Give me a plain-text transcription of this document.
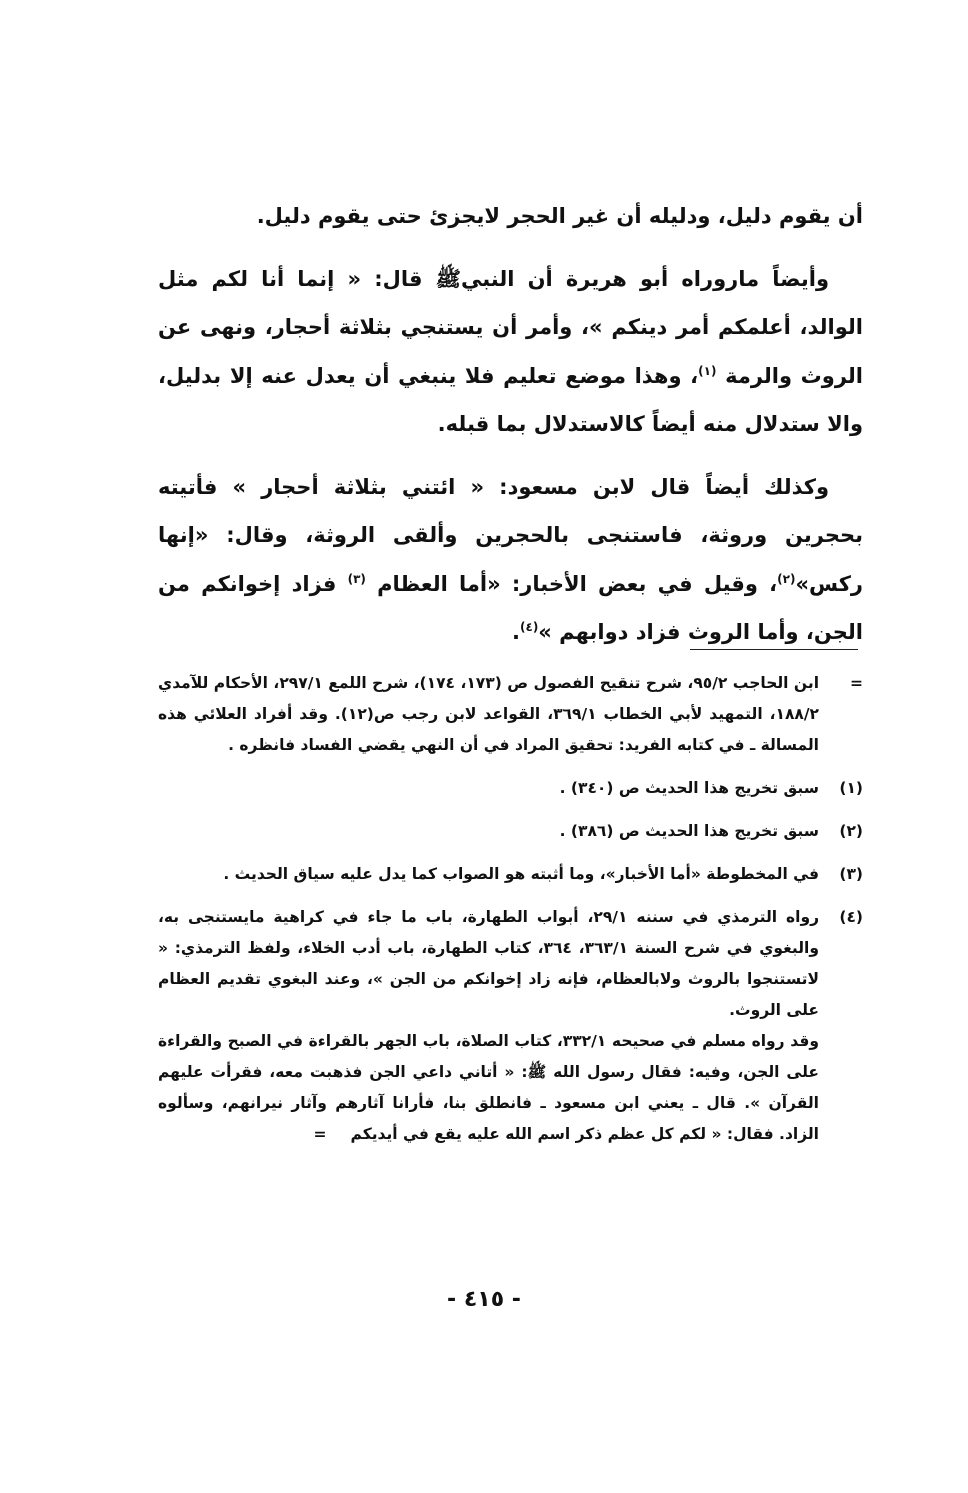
أن يقوم دليل، ودليله أن غير الحجر لايجزئ حتى يقوم دليل.

وأيضاً ماروراه أبو هريرة أن النبيﷺ قال: « إنما أنا لكم مثل الوالد، أعلمكم أمر دينكم »، وأمر أن يستنجي بثلاثة أحجار، ونهى عن الروث والرمة $^{(١)}$، وهذا موضع تعليم فلا ينبغي أن يعدل عنه إلا بدليل، والا ستدلال منه أيضاً كالاستدلال بما قبله.

وكذلك أيضاً قال لابن مسعود: « ائتني بثلاثة أحجار » فأتيته بحجرين وروثة، فاستنجى بالحجرين وألقى الروثة، وقال: «إنها ركس»$^{(٢)}$، وقيل في بعض الأخبار: «أما العظام $^{(٣)}$ فزاد إخوانكم من الجن، وأما الروث فزاد دوابهم »$^{(٤)}$.

=
ابن الحاجب ٩٥/٢، شرح تنقيح الفصول ص (١٧٣، ١٧٤)، شرح اللمع ٢٩٧/١، الأحكام للآمدي ١٨٨/٢، التمهيد لأبي الخطاب ٣٦٩/١، القواعد لابن رجب ص(١٢). وقد أفراد العلائي هذه المسالة ـ في كتابه الفريد: تحقيق المراد في أن النهي يقضي الفساد فانظره .
(١)
سبق تخريج هذا الحديث ص (٣٤٠) .
(٢)
سبق تخريج هذا الحديث ص (٣٨٦) .
(٣)
في المخطوطة «أما الأخبار»، وما أثبته هو الصواب كما يدل عليه سياق الحديث .
(٤)

رواه الترمذي في سننه ٢٩/١، أبواب الطهارة، باب ما جاء في كراهية مايستنجى به، والبغوي في شرح السنة ٣٦٣/١، ٣٦٤، كتاب الطهارة، باب أدب الخلاء، ولفظ الترمذي: « لاتستنجوا بالروث ولابالعظام، فإنه زاد إخوانكم من الجن »، وعند البغوي تقديم العظام على الروث.

وقد رواه مسلم في صحيحه ٣٣٢/١، كتاب الصلاة، باب الجهر بالقراءة في الصبح والقراءة على الجن، وفيه: فقال رسول الله ﷺ: « أتاني داعي الجن فذهبت معه، فقرأت عليهم القرآن ». قال ـ يعني ابن مسعود ـ فانطلق بنا، فأرانا آثارهم وآثار نيرانهم، وسألوه الزاد. فقال: « لكم كل عظم ذكر اسم الله عليه يقع في أيديكم=

- ٤١٥ -
